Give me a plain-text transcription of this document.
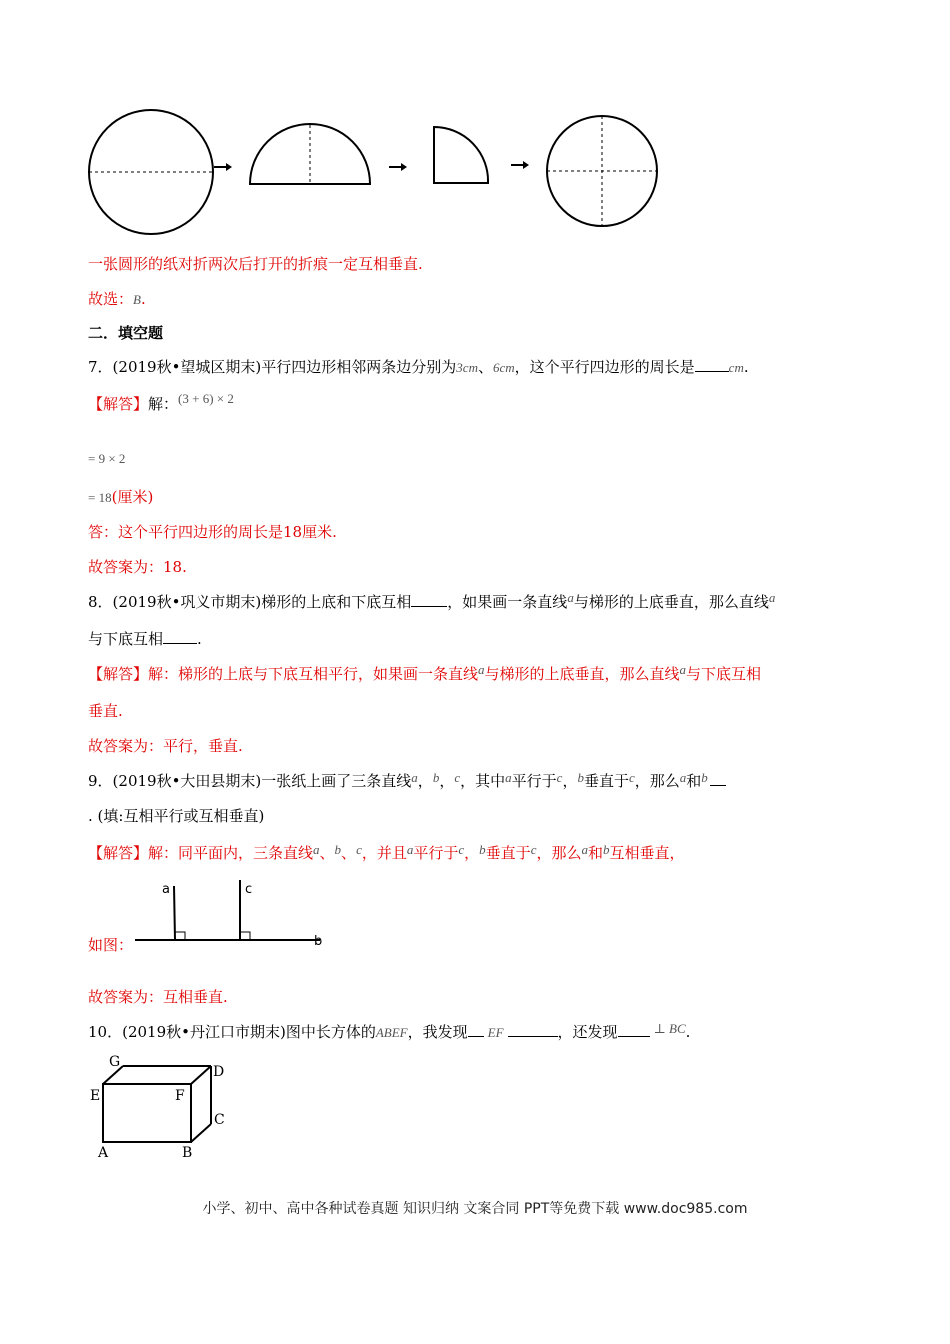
一张圆形的纸对折两次后打开的折痕一定互相垂直.
故选：B.
二．填空题
7．(2019秋•望城区期末)平行四边形相邻两条边分别为3cm、6cm，这个平行四边形的周长是	cm.
【解答】解：(3 + 6) × 2
= 9 × 2
= 18(厘米)
答：这个平行四边形的周长是18厘米.
故答案为：18.
8．(2019秋•巩义市期末)梯形的上底和下底互相 ，如果画一条直线a与梯形的上底垂直，那么直线a
与下底互相 .
【解答】解：梯形的上底与下底互相平行，如果画一条直线a与梯形的上底垂直，那么直线a与下底互相
垂直.
故答案为：平行，垂直.
9．(2019秋•大田县期末)一张纸上画了三条直线a，b，c，其中a平行于c，b垂直于c，那么a和b
. (填:互相平行或互相垂直)
【解答】解：同平面内，三条直线a、b、c，并且a平行于c，b垂直于c，那么a和b互相垂直，
如图：
a	c
b
故答案为：互相垂直.
10．(2019秋•丹江口市期末)图中长方体的ABEF，我发现 EF	，还发现	⊥ BC.
G
D
E	F
C
A	B
小学、初中、高中各种试卷真题 知识归纳 文案合同 PPT等免费下载 www.doc985.com
